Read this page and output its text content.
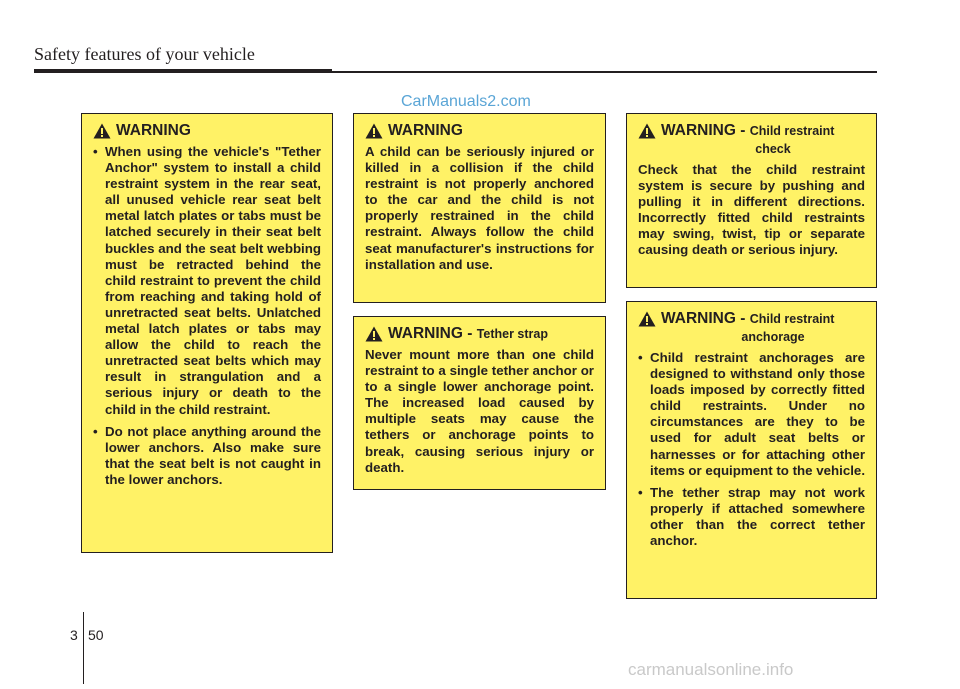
Safety features of your vehicle
CarManuals2.com
WARNING
• When using the vehicle's "Tether Anchor" system to install a child restraint system in the rear seat, all unused vehicle rear seat belt metal latch plates or tabs must be latched securely in their seat belt buckles and the seat belt webbing must be retracted behind the child restraint to prevent the child from reaching and taking hold of unretracted seat belts. Unlatched metal latch plates or tabs may allow the child to reach the unretracted seat belts which may result in strangulation and a serious injury or death to the child in the child restraint.
• Do not place anything around the lower anchors. Also make sure that the seat belt is not caught in the lower anchors.
WARNING
A child can be seriously injured or killed in a collision if the child restraint is not properly anchored to the car and the child is not properly restrained in the child restraint. Always follow the child seat manufacturer's instructions for installation and use.
WARNING - Tether strap
Never mount more than one child restraint to a single tether anchor or to a single lower anchorage point. The increased load caused by multiple seats may cause the tethers or anchorage points to break, causing serious injury or death.
WARNING - Child restraint
check
Check that the child restraint system is secure by pushing and pulling it in different directions. Incorrectly fitted child restraints may swing, twist, tip or separate causing death or serious injury.
WARNING - Child restraint
anchorage
• Child restraint anchorages are designed to withstand only those loads imposed by correctly fitted child restraints. Under no circumstances are they to be used for adult seat belts or harnesses or for attaching other items or equipment to the vehicle.
• The tether strap may not work properly if attached somewhere other than the correct tether anchor.
3 50
carmanualsonline.info
